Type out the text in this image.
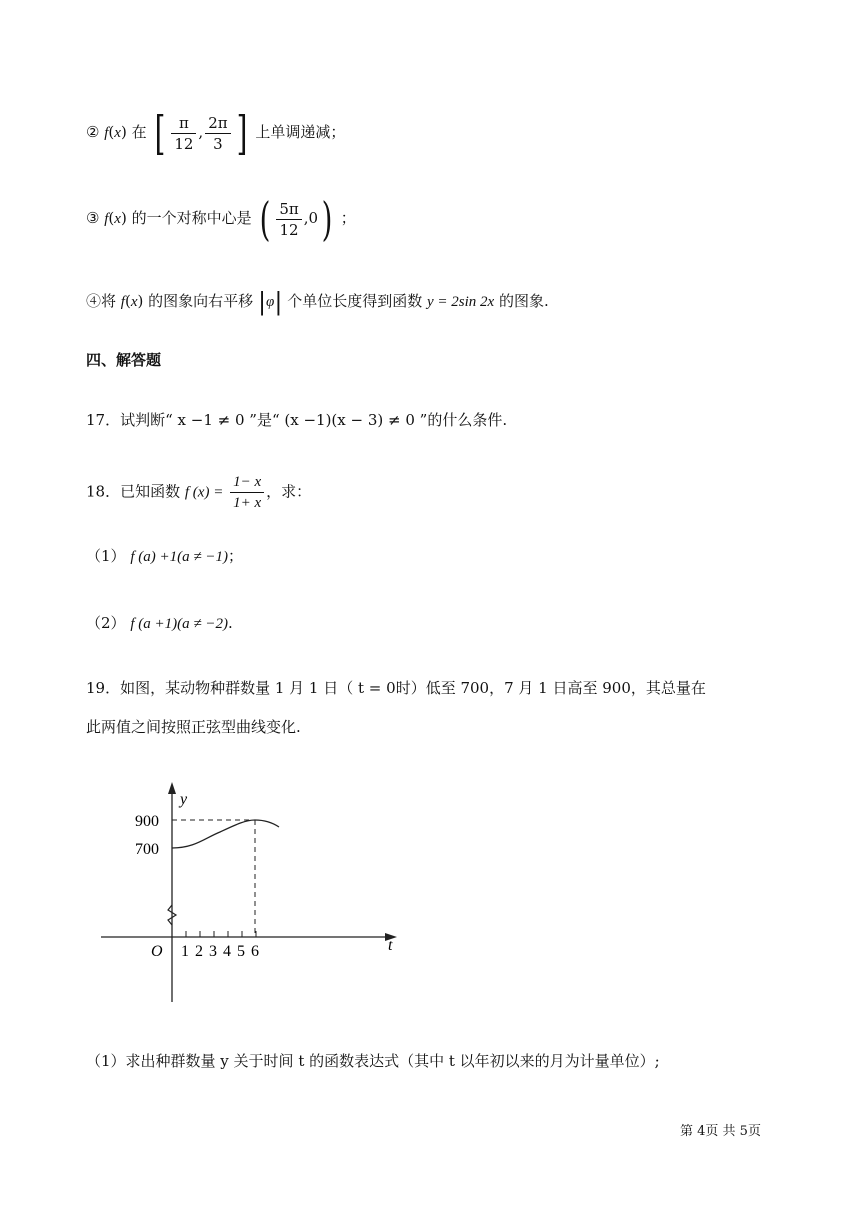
② f(x) 在 [ $\frac{\pi}{12}$ , $\frac{2\pi}{3}$ ] 上单调递减；
③ f(x) 的一个对称中心是 ( $\frac{5\pi}{12} ,0$) ；
④将 f(x) 的图象向右平移 |φ| 个单位长度得到函数 y = 2sin 2x 的图象.
四、解答题
17．试判断“ x −1 ≠ 0 ”是“ (x −1)(x − 3) ≠ 0 ”的什么条件.
18．已知函数 f $(x) = \frac{1- x}{1+ x}$ ，求：
（1） f (a) +1(a ≠ −1)；
（2） f (a +1)(a ≠ −2).
19．如图，某动物种群数量 1 月 1 日（ t = 0时）低至 700，7 月 1 日高至 900，其总量在
此两值之间按照正弦型曲线变化.
y
t
O
900
700
1 2 3 4 5 6
（1）求出种群数量 y 关于时间 t 的函数表达式（其中 t 以年初以来的月为计量单位）;
第 4页 共 5页
